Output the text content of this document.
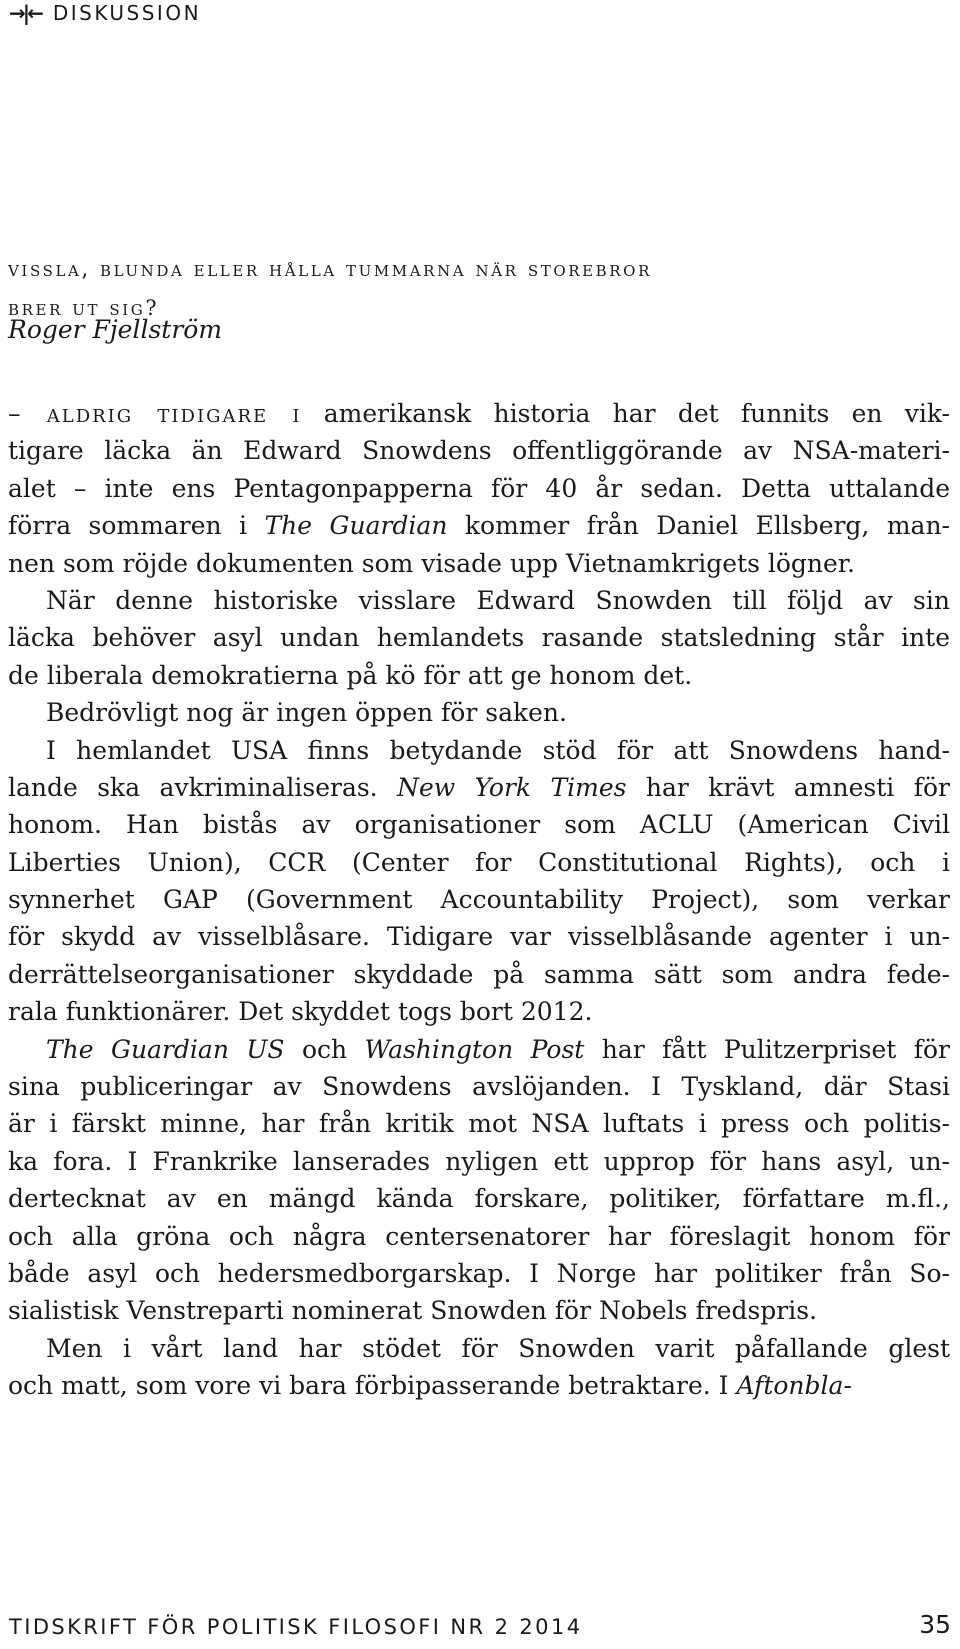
→|← DISKUSSION
vissla, blunda eller hålla tummarna när storebror
brer ut sig?
Roger Fjellström
– aldrig tidigare i amerikansk historia har det funnits en vik-
tigare läcka än Edward Snowdens offentliggörande av NSA-materi-
alet – inte ens Pentagonpapperna för 40 år sedan. Detta uttalande
förra sommaren i The Guardian kommer från Daniel Ellsberg, man-
nen som röjde dokumenten som visade upp Vietnamkrigets lögner.
När denne historiske visslare Edward Snowden till följd av sin
läcka behöver asyl undan hemlandets rasande statsledning står inte
de liberala demokratierna på kö för att ge honom det.
Bedrövligt nog är ingen öppen för saken.
I hemlandet USA finns betydande stöd för att Snowdens hand-
lande ska avkriminaliseras. New York Times har krävt amnesti för
honom. Han bistås av organisationer som ACLU (American Civil
Liberties Union), CCR (Center for Constitutional Rights), och i
synnerhet GAP (Government Accountability Project), som verkar
för skydd av visselblåsare. Tidigare var visselblåsande agenter i un-
derrättelseorganisationer skyddade på samma sätt som andra fede-
rala funktionärer. Det skyddet togs bort 2012.
The Guardian US och Washington Post har fått Pulitzerpriset för
sina publiceringar av Snowdens avslöjanden. I Tyskland, där Stasi
är i färskt minne, har från kritik mot NSA luftats i press och politis-
ka fora. I Frankrike lanserades nyligen ett upprop för hans asyl, un-
dertecknat av en mängd kända forskare, politiker, författare m.fl.,
och alla gröna och några centersenatorer har föreslagit honom för
både asyl och hedersmedborgarskap. I Norge har politiker från So-
sialistisk Venstreparti nominerat Snowden för Nobels fredspris.
Men i vårt land har stödet för Snowden varit påfallande glest
och matt, som vore vi bara förbipasserande betraktare. I Aftonbla-
TIDSKRIFT FÖR POLITISK FILOSOFI NR 2 2014	35
